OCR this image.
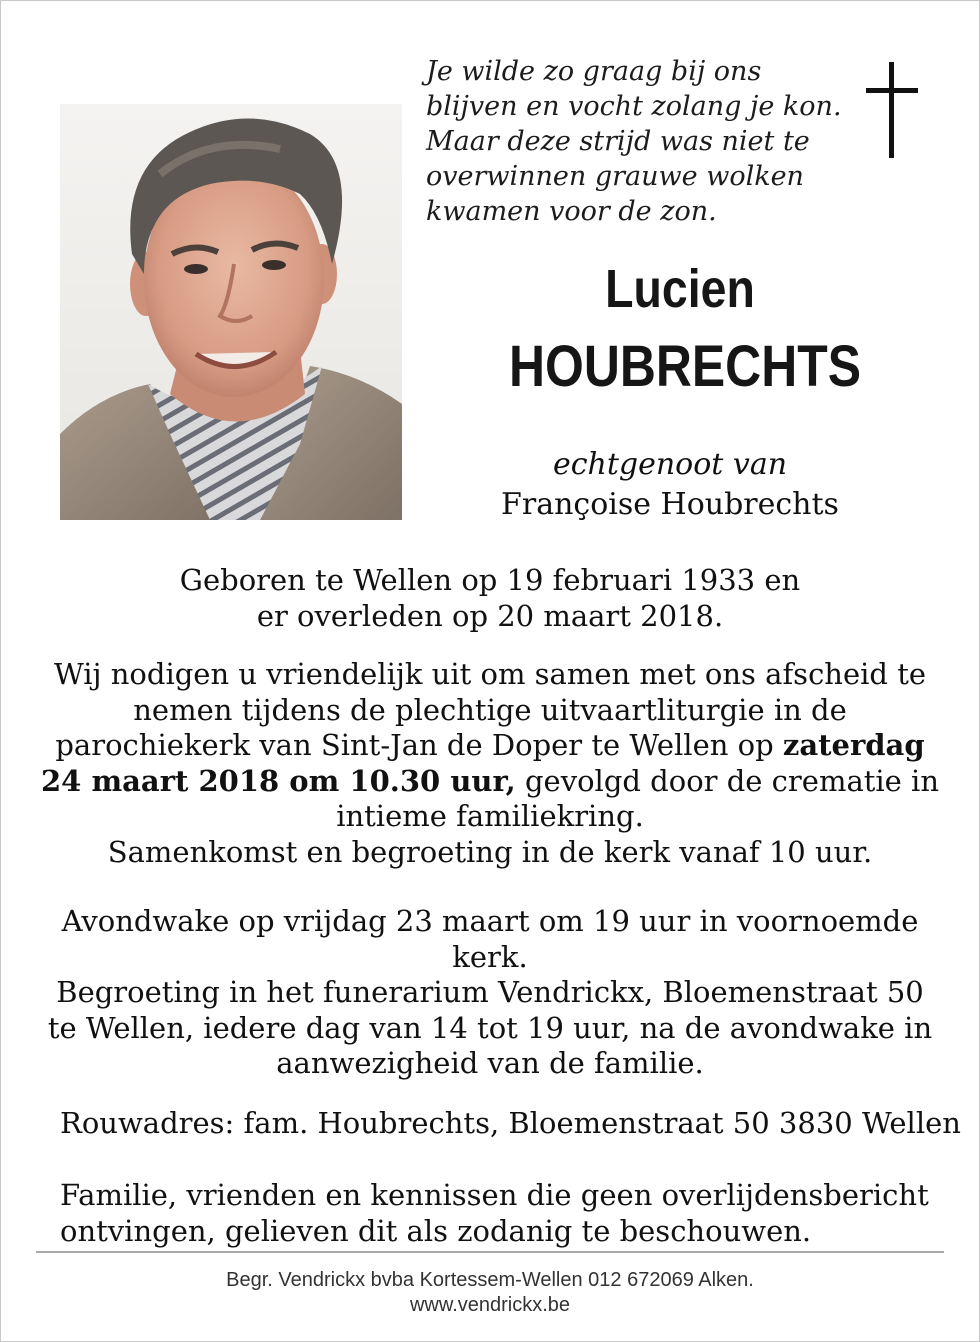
Je wilde zo graag bij ons
blijven en vocht zolang je kon.
Maar deze strijd was niet te
overwinnen grauwe wolken
kwamen voor de zon.
Lucien
HOUBRECHTS
echtgenoot van
Françoise Houbrechts
Geboren te Wellen op 19 februari 1933 en
er overleden op 20 maart 2018.
Wij nodigen u vriendelijk uit om samen met ons afscheid te
nemen tijdens de plechtige uitvaartliturgie in de
parochiekerk van Sint-Jan de Doper te Wellen op zaterdag
24 maart 2018 om 10.30 uur, gevolgd door de crematie in
intieme familiekring.
Samenkomst en begroeting in de kerk vanaf 10 uur.
Avondwake op vrijdag 23 maart om 19 uur in voornoemde
kerk.
Begroeting in het funerarium Vendrickx, Bloemenstraat 50
te Wellen, iedere dag van 14 tot 19 uur, na de avondwake in
aanwezigheid van de familie.
Rouwadres: fam. Houbrechts, Bloemenstraat 50 3830 Wellen
Familie, vrienden en kennissen die geen overlijdensbericht
ontvingen, gelieven dit als zodanig te beschouwen.
Begr. Vendrickx bvba Kortessem-Wellen 012 672069 Alken.
www.vendrickx.be
